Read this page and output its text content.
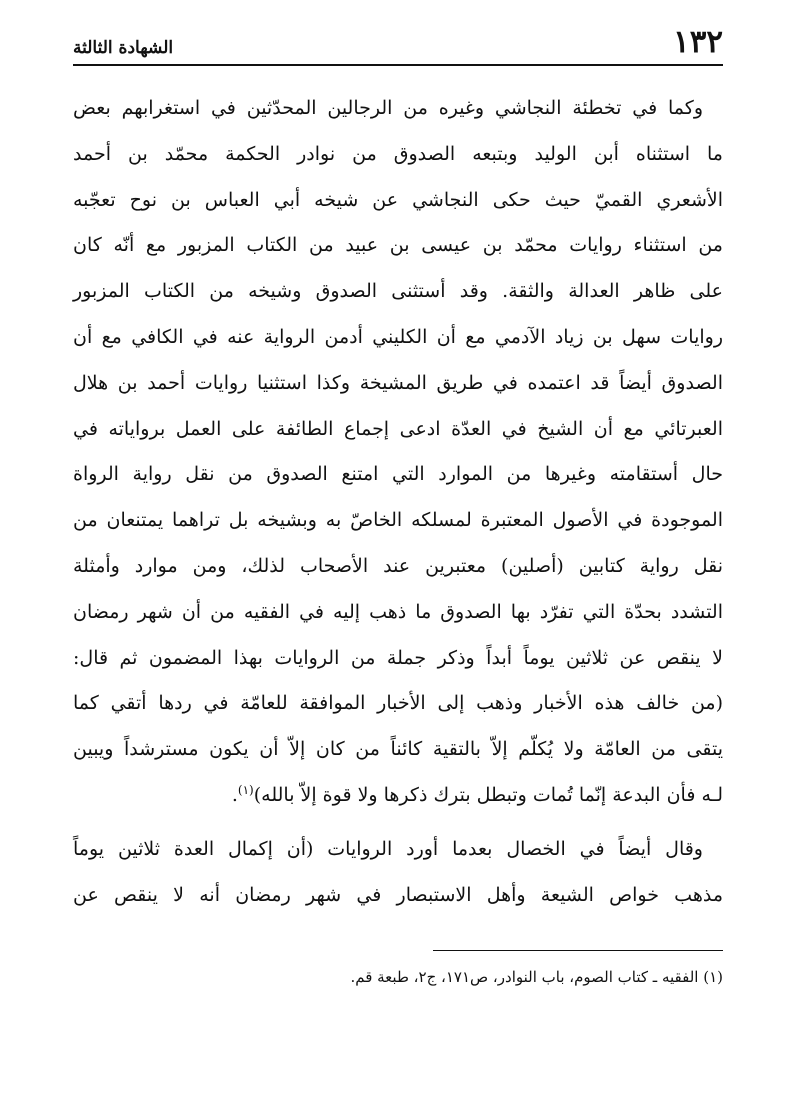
١٣٢
الشهادة الثالثة
وكما في تخطئة النجاشي وغيره من الرجالين المحدّثين في استغرابهم بعض
ما استثناه أبن الوليد وبتبعه الصدوق من نوادر الحكمة محمّد بن أحمد
الأشعري القميّ حيث حكى النجاشي عن شيخه أبي العباس بن نوح تعجّبه
من استثناء روايات محمّد بن عيسى بن عبيد من الكتاب المزبور مع أنّه كان
على ظاهر العدالة والثقة. وقد أستثنى الصدوق وشيخه من الكتاب المزبور
روايات سهل بن زياد الآدمي مع أن الكليني أدمن الرواية عنه في الكافي مع أن
الصدوق أيضاً قد اعتمده في طريق المشيخة وكذا استثنيا روايات أحمد بن هلال
العبرتائي مع أن الشيخ في العدّة ادعى إجماع الطائفة على العمل برواياته في
حال أستقامته وغيرها من الموارد التي امتنع الصدوق من نقل رواية الرواة
الموجودة في الأصول المعتبرة لمسلكه الخاصّ به وبشيخه بل تراهما يمتنعان من
نقل رواية كتابين (أصلين) معتبرين عند الأصحاب لذلك، ومن موارد وأمثلة
التشدد بحدّة التي تفرّد بها الصدوق ما ذهب إليه في الفقيه من أن شهر رمضان
لا ينقص عن ثلاثين يوماً أبداً وذكر جملة من الروايات بهذا المضمون ثم قال:
(من خالف هذه الأخبار وذهب إلى الأخبار الموافقة للعامّة في ردها أتقي كما
يتقى من العامّة ولا يُكلّم إلاّ بالتقية كائناً من كان إلاّ أن يكون مسترشداً ويبين
لـه فأن البدعة إنّما تُمات وتبطل بترك ذكرها ولا قوة إلاّ بالله)$^{(١)}$.
وقال أيضاً في الخصال بعدما أورد الروايات (أن إكمال العدة ثلاثين يوماً
مذهب خواص الشيعة وأهل الاستبصار في شهر رمضان أنه لا ينقص عن
(١) الفقيه ـ كتاب الصوم، باب النوادر، ص١٧١، ج٢، طبعة قم.
